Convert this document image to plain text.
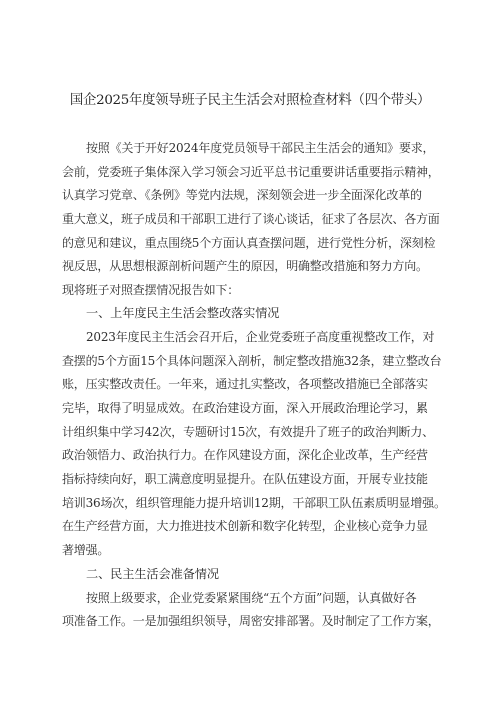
国企2025年度领导班子民主生活会对照检查材料（四个带头）
按照《关于开好2024年度党员领导干部民主生活会的通知》要求，
会前，党委班子集体深入学习领会习近平总书记重要讲话重要指示精神，
认真学习党章、《条例》等党内法规，深刻领会进一步全面深化改革的
重大意义，班子成员和干部职工进行了谈心谈话，征求了各层次、各方面
的意见和建议，重点围绕5个方面认真查摆问题，进行党性分析，深刻检
视反思，从思想根源剖析问题产生的原因，明确整改措施和努力方向。
现将班子对照查摆情况报告如下：
一、上年度民主生活会整改落实情况
2023年度民主生活会召开后，企业党委班子高度重视整改工作，对
查摆的5个方面15个具体问题深入剖析，制定整改措施32条，建立整改台
账，压实整改责任。一年来，通过扎实整改，各项整改措施已全部落实
完毕，取得了明显成效。在政治建设方面，深入开展政治理论学习，累
计组织集中学习42次，专题研讨15次，有效提升了班子的政治判断力、
政治领悟力、政治执行力。在作风建设方面，深化企业改革，生产经营
指标持续向好，职工满意度明显提升。在队伍建设方面，开展专业技能
培训36场次，组织管理能力提升培训12期，干部职工队伍素质明显增强。
在生产经营方面，大力推进技术创新和数字化转型，企业核心竞争力显
著增强。
二、民主生活会准备情况
按照上级要求，企业党委紧紧围绕“五个方面”问题，认真做好各
项准备工作。一是加强组织领导，周密安排部署。及时制定了工作方案，
